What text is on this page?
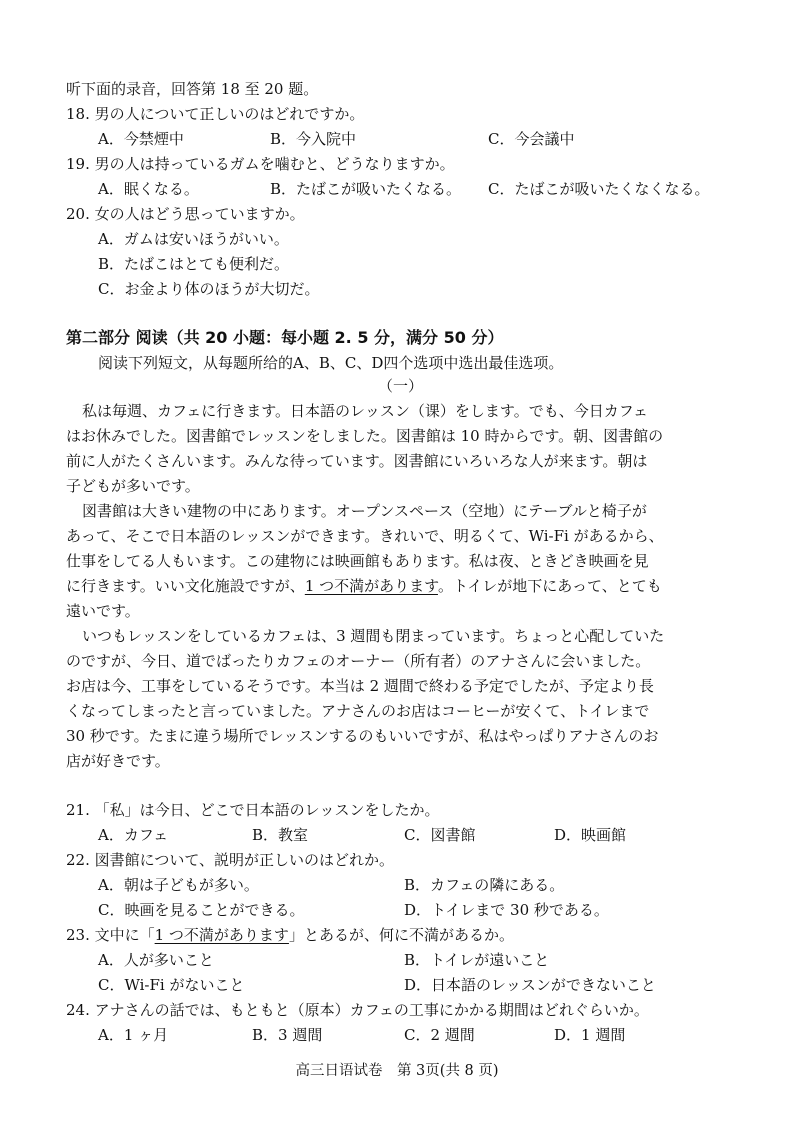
听下面的录音，回答第 18 至 20 题。
18. 男の人について正しいのはどれですか。
A．今禁煙中	B．今入院中	C．今会議中
19. 男の人は持っているガムを噛むと、どうなりますか。
A．眠くなる。	B．たばこが吸いたくなる。 C．たばこが吸いたくなくなる。
20. 女の人はどう思っていますか。
A．ガムは安いほうがいい。
B．たばこはとても便利だ。
C．お金より体のほうが大切だ。
第二部分 阅读（共 20 小题：每小题 2. 5 分，满分 50 分）
阅读下列短文，从每题所给的A、B、C、D四个选项中选出最佳选项。
（一）
私は毎週、カフェに行きます。日本語のレッスン（课）をします。でも、今日カフェ
はお休みでした。図書館でレッスンをしました。図書館は 10 時からです。朝、図書館の
前に人がたくさんいます。みんな待っています。図書館にいろいろな人が来ます。朝は
子どもが多いです。
図書館は大きい建物の中にあります。オープンスペース（空地）にテーブルと椅子が
あって、そこで日本語のレッスンができます。きれいで、明るくて、Wi-Fi があるから、
仕事をしてる人もいます。この建物には映画館もあります。私は夜、ときどき映画を見
に行きます。いい文化施設ですが、1 つ不満があります。トイレが地下にあって、とても
遠いです。
いつもレッスンをしているカフェは、3 週間も閉まっています。ちょっと心配していた
のですが、今日、道でばったりカフェのオーナー（所有者）のアナさんに会いました。
お店は今、工事をしているそうです。本当は 2 週間で終わる予定でしたが、予定より長
くなってしまったと言っていました。アナさんのお店はコーヒーが安くて、トイレまで
30 秒です。たまに違う場所でレッスンするのもいいですが、私はやっぱりアナさんのお
店が好きです。
21. 「私」は今日、どこで日本語のレッスンをしたか。
A．カフェ	B．教室	C．図書館	D．映画館
22. 図書館について、説明が正しいのはどれか。
A．朝は子どもが多い。	B．カフェの隣にある。
C．映画を見ることができる。	D．トイレまで 30 秒である。
23. 文中に「1 つ不満があります」とあるが、何に不満があるか。
A．人が多いこと	B．トイレが遠いこと
C．Wi-Fi がないこと	D．日本語のレッスンができないこと
24. アナさんの話では、もともと（原本）カフェの工事にかかる期間はどれぐらいか。
A．1 ヶ月	B．3 週間	C．2 週間	D．1 週間
高三日语试卷　第 3页(共 8 页)
